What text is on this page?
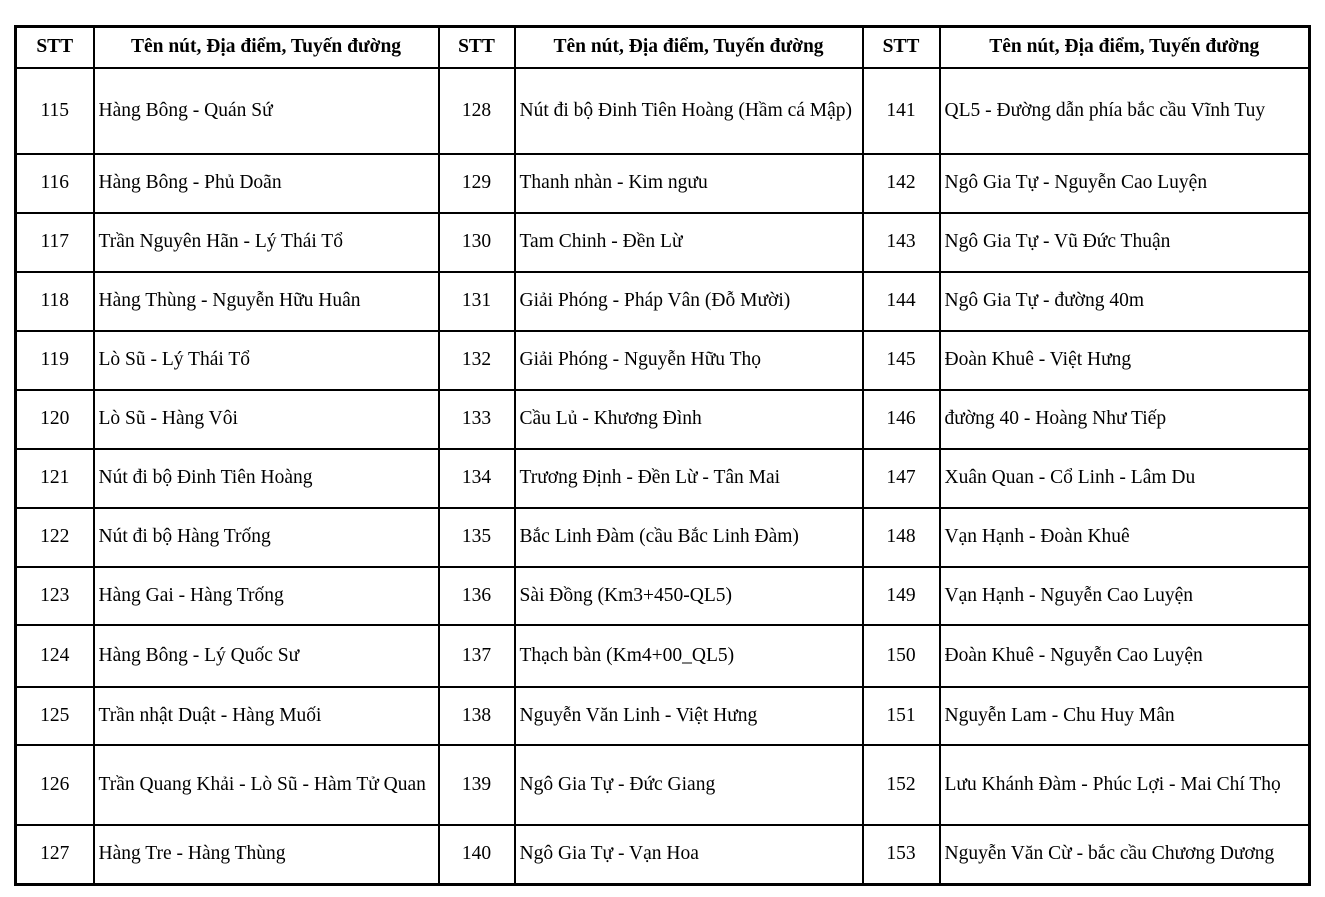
STT	Tên nút, Địa điểm, Tuyến đường	STT	Tên nút, Địa điểm, Tuyến đường	STT	Tên nút, Địa điểm, Tuyến đường
115	Hàng Bông - Quán Sứ	128	Nút đi bộ Đinh Tiên Hoàng (Hầm cá Mập)	141	QL5 - Đường dẫn phía bắc cầu Vĩnh Tuy
116	Hàng Bông - Phủ Doãn	129	Thanh nhàn - Kim ngưu	142	Ngô Gia Tự - Nguyễn Cao Luyện
117	Trần Nguyên Hãn - Lý Thái Tổ	130	Tam Chinh - Đền Lừ	143	Ngô Gia Tự - Vũ Đức Thuận
118	Hàng Thùng - Nguyễn Hữu Huân	131	Giải Phóng - Pháp Vân (Đỗ Mười)	144	Ngô Gia Tự - đường 40m
119	Lò Sũ - Lý Thái Tổ	132	Giải Phóng - Nguyễn Hữu Thọ	145	Đoàn Khuê - Việt Hưng
120	Lò Sũ - Hàng Vôi	133	Cầu Lủ - Khương Đình	146	đường 40 - Hoàng Như Tiếp
121	Nút đi bộ Đinh Tiên Hoàng	134	Trương Định - Đền Lừ - Tân Mai	147	Xuân Quan - Cổ Linh - Lâm Du
122	Nút đi bộ Hàng Trống	135	Bắc Linh Đàm (cầu Bắc Linh Đàm)	148	Vạn Hạnh - Đoàn Khuê
123	Hàng Gai - Hàng Trống	136	Sài Đồng (Km3+450-QL5)	149	Vạn Hạnh - Nguyễn Cao Luyện
124	Hàng Bông - Lý Quốc Sư	137	Thạch bàn (Km4+00_QL5)	150	Đoàn Khuê - Nguyễn Cao Luyện
125	Trần nhật Duật - Hàng Muối	138	Nguyễn Văn Linh - Việt Hưng	151	Nguyễn Lam - Chu Huy Mân
126	Trần Quang Khải - Lò Sũ - Hàm Tử Quan	139	Ngô Gia Tự - Đức Giang	152	Lưu Khánh Đàm - Phúc Lợi - Mai Chí Thọ
127	Hàng Tre - Hàng Thùng	140	Ngô Gia Tự - Vạn Hoa	153	Nguyễn Văn Cừ - bắc cầu Chương Dương
